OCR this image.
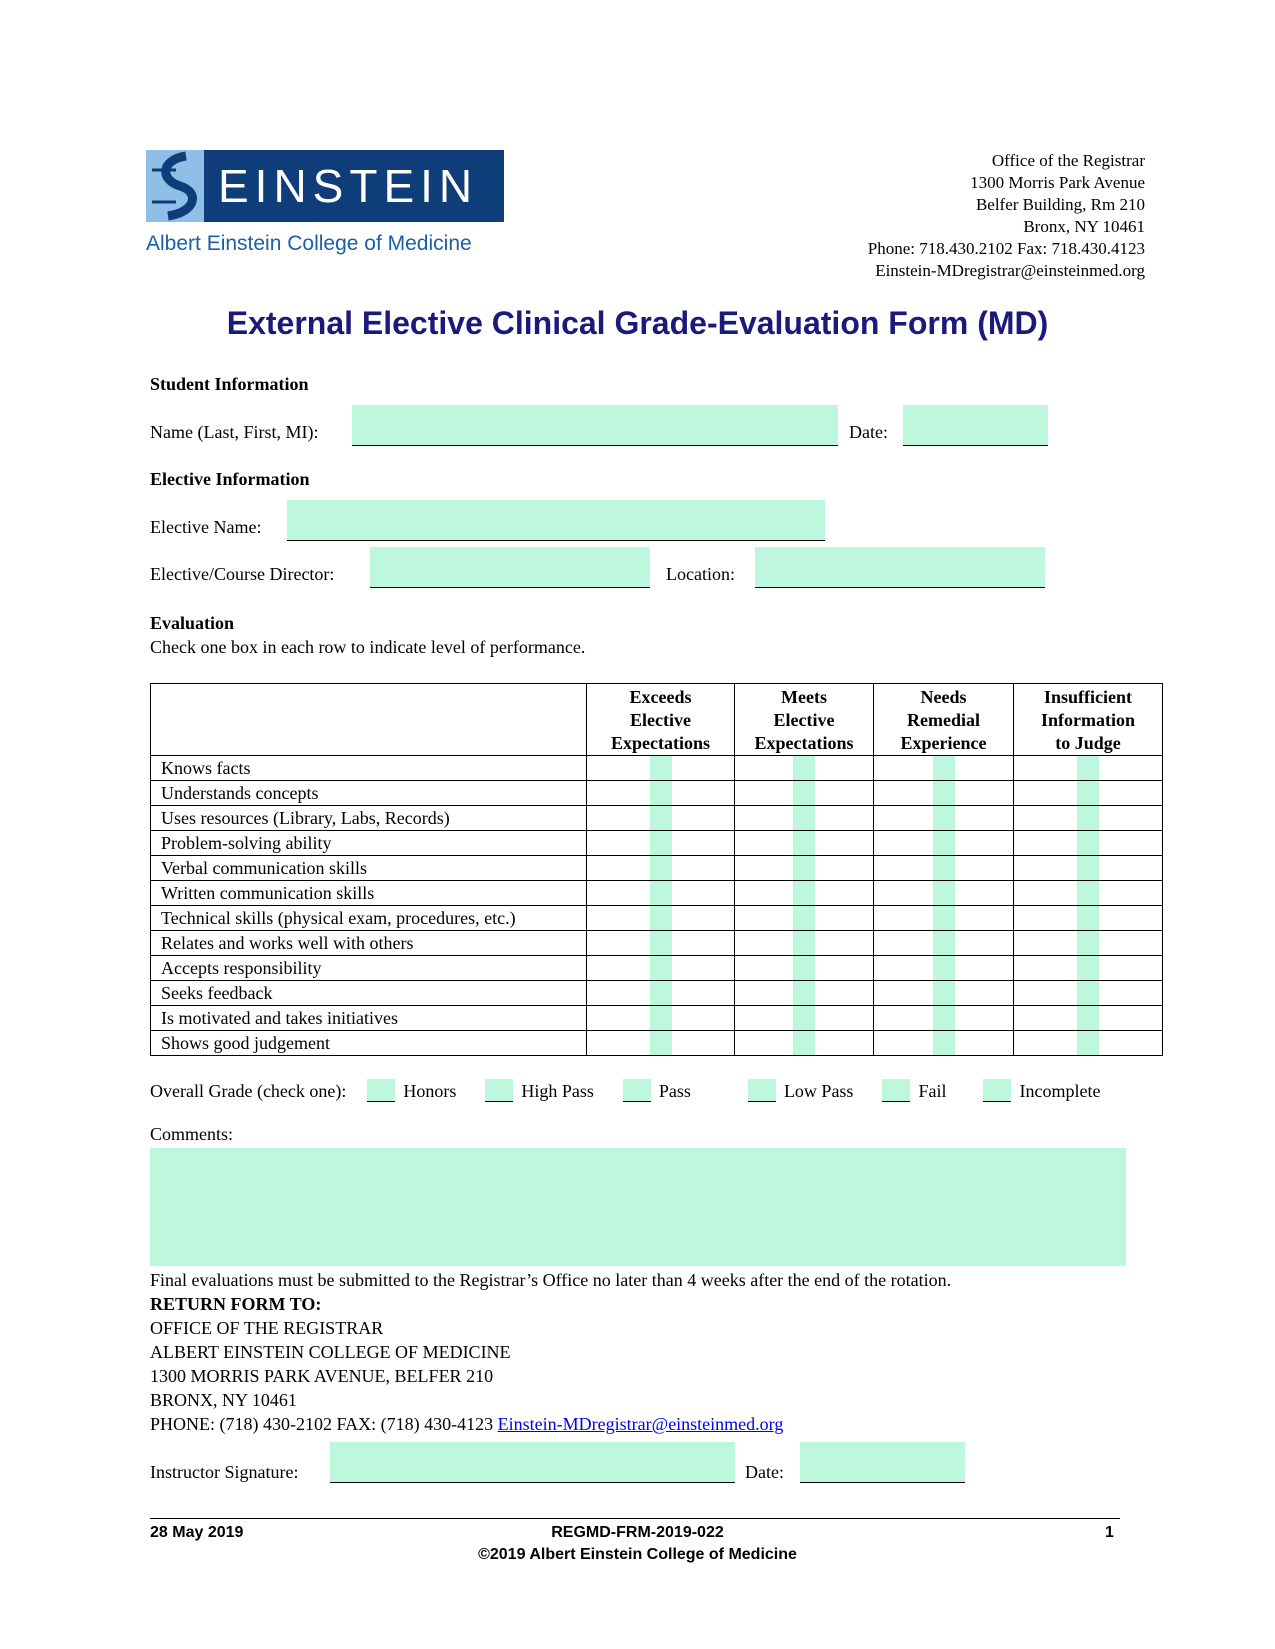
EINSTEIN
Albert Einstein College of Medicine
Office of the Registrar
1300 Morris Park Avenue
Belfer Building, Rm 210
Bronx, NY 10461
Phone: 718.430.2102 Fax: 718.430.4123
Einstein-MDregistrar@einsteinmed.org
External Elective Clinical Grade-Evaluation Form (MD)
Student Information
Name (Last, First, MI):	Date:
Elective Information
Elective Name:
Elective/Course Director:	Location:
Evaluation
Check one box in each row to indicate level of performance.
	Exceeds
Elective
Expectations	Meets
Elective
Expectations	Needs
Remedial
Experience	Insufficient
Information
to Judge
Knows facts	

Understands concepts	

Uses resources (Library, Labs, Records)	

Problem-solving ability	

Verbal communication skills	

Written communication skills	

Technical skills (physical exam, procedures, etc.)	

Relates and works well with others	

Accepts responsibility	

Seeks feedback	

Is motivated and takes initiatives	

Shows good judgement	

Overall Grade (check one):	Honors	High Pass	Pass	Low Pass	Fail	Incomplete
Comments:
Final evaluations must be submitted to the Registrar’s Office no later than 4 weeks after the end of the rotation.
RETURN FORM TO:
OFFICE OF THE REGISTRAR
ALBERT EINSTEIN COLLEGE OF MEDICINE
1300 MORRIS PARK AVENUE, BELFER 210
BRONX, NY 10461
PHONE: (718) 430-2102 FAX: (718) 430-4123 Einstein-MDregistrar@einsteinmed.org
Instructor Signature:	Date:
28 May 2019	REGMD-FRM-2019-022	1
©2019 Albert Einstein College of Medicine
